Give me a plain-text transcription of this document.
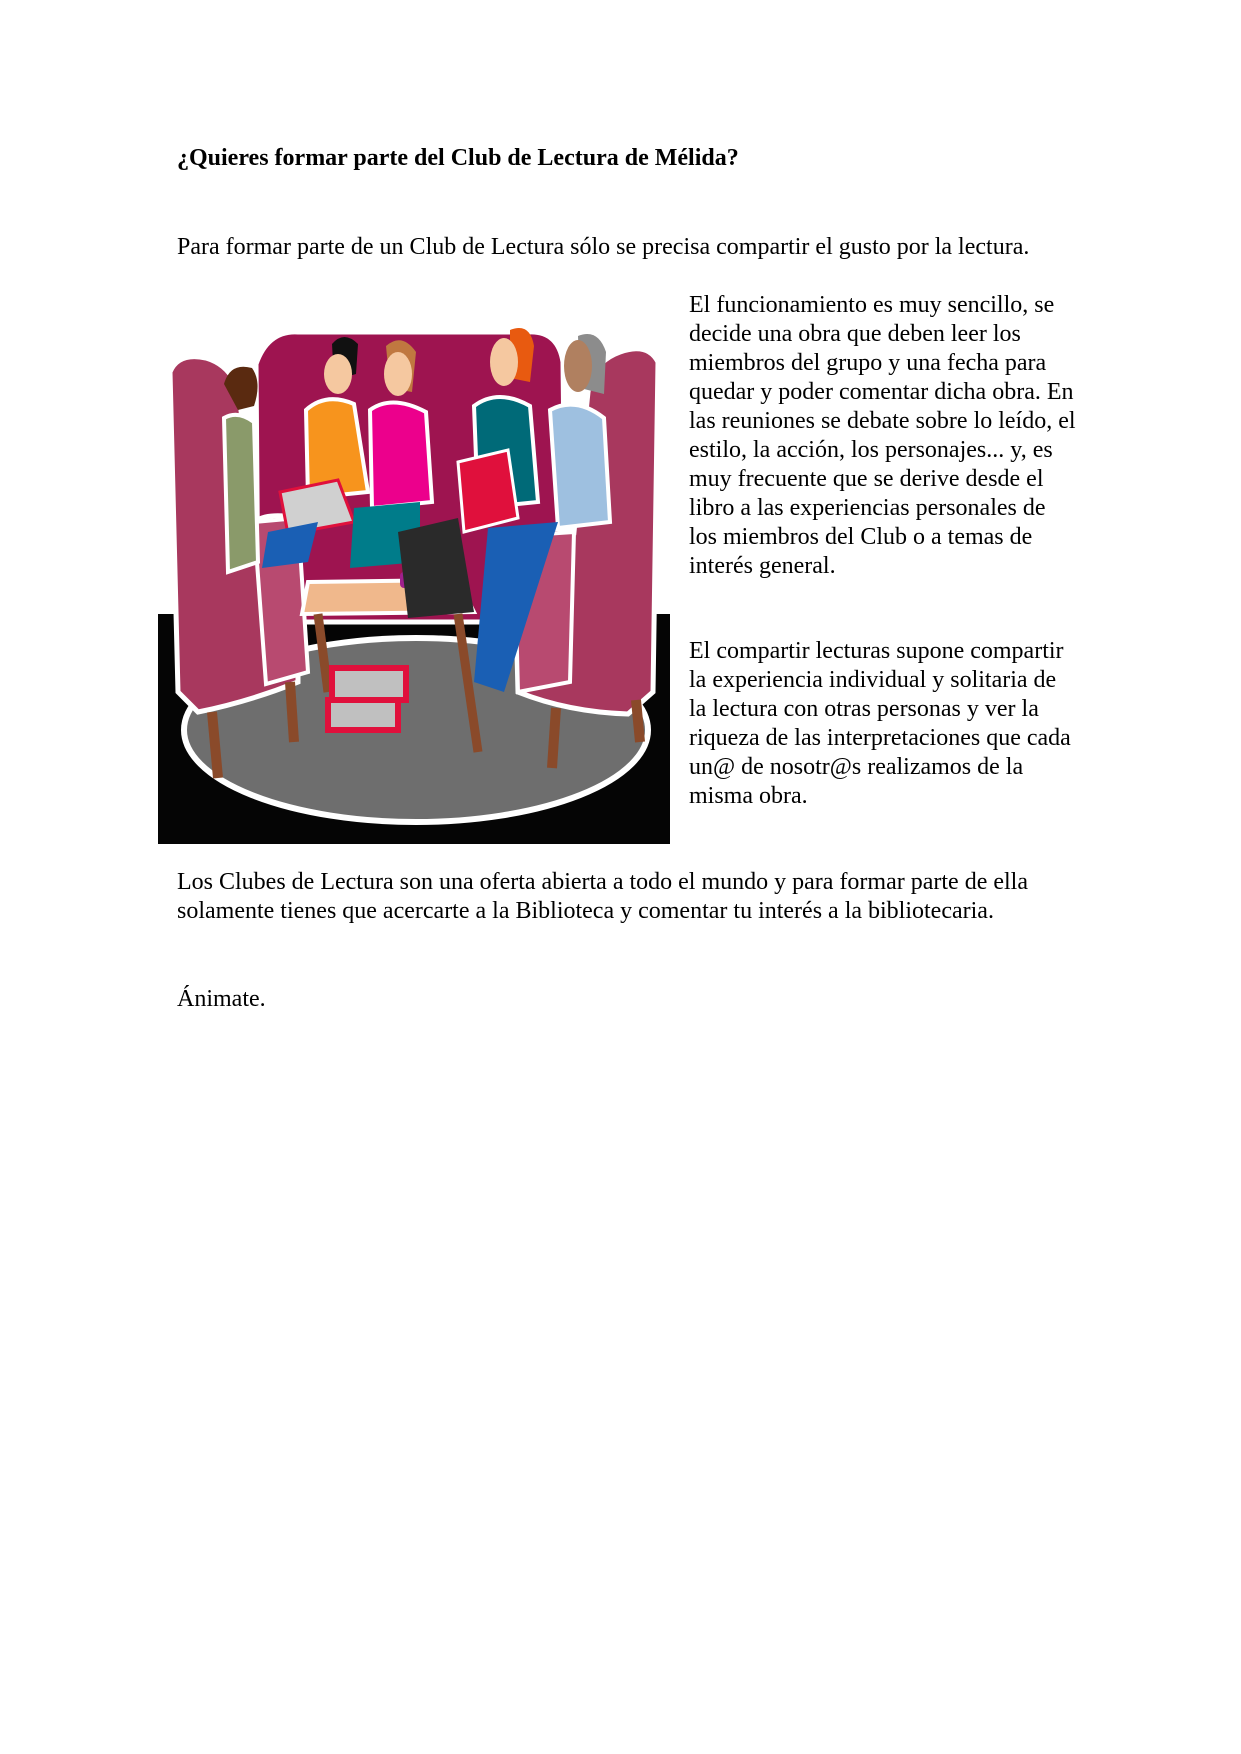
¿Quieres formar parte del Club de Lectura de Mélida?

Para formar parte de un Club de Lectura sólo se precisa compartir el gusto por la lectura.

El funcionamiento es muy sencillo, se decide una obra que deben leer los miembros del grupo y una fecha para quedar y poder comentar dicha obra. En las reuniones se debate sobre lo leído, el estilo, la acción, los personajes... y, es muy frecuente que se derive desde el libro a las experiencias personales de los miembros del Club o a temas de interés general.

El compartir lecturas supone compartir la experiencia individual y solitaria de la lectura con otras personas y ver la riqueza de las interpretaciones que cada un@ de nosotr@s realizamos de la misma obra.

Los Clubes de Lectura son una oferta abierta a todo el mundo y para formar parte de ella solamente tienes que acercarte a la Biblioteca y comentar tu interés a la bibliotecaria.

Ánimate.
